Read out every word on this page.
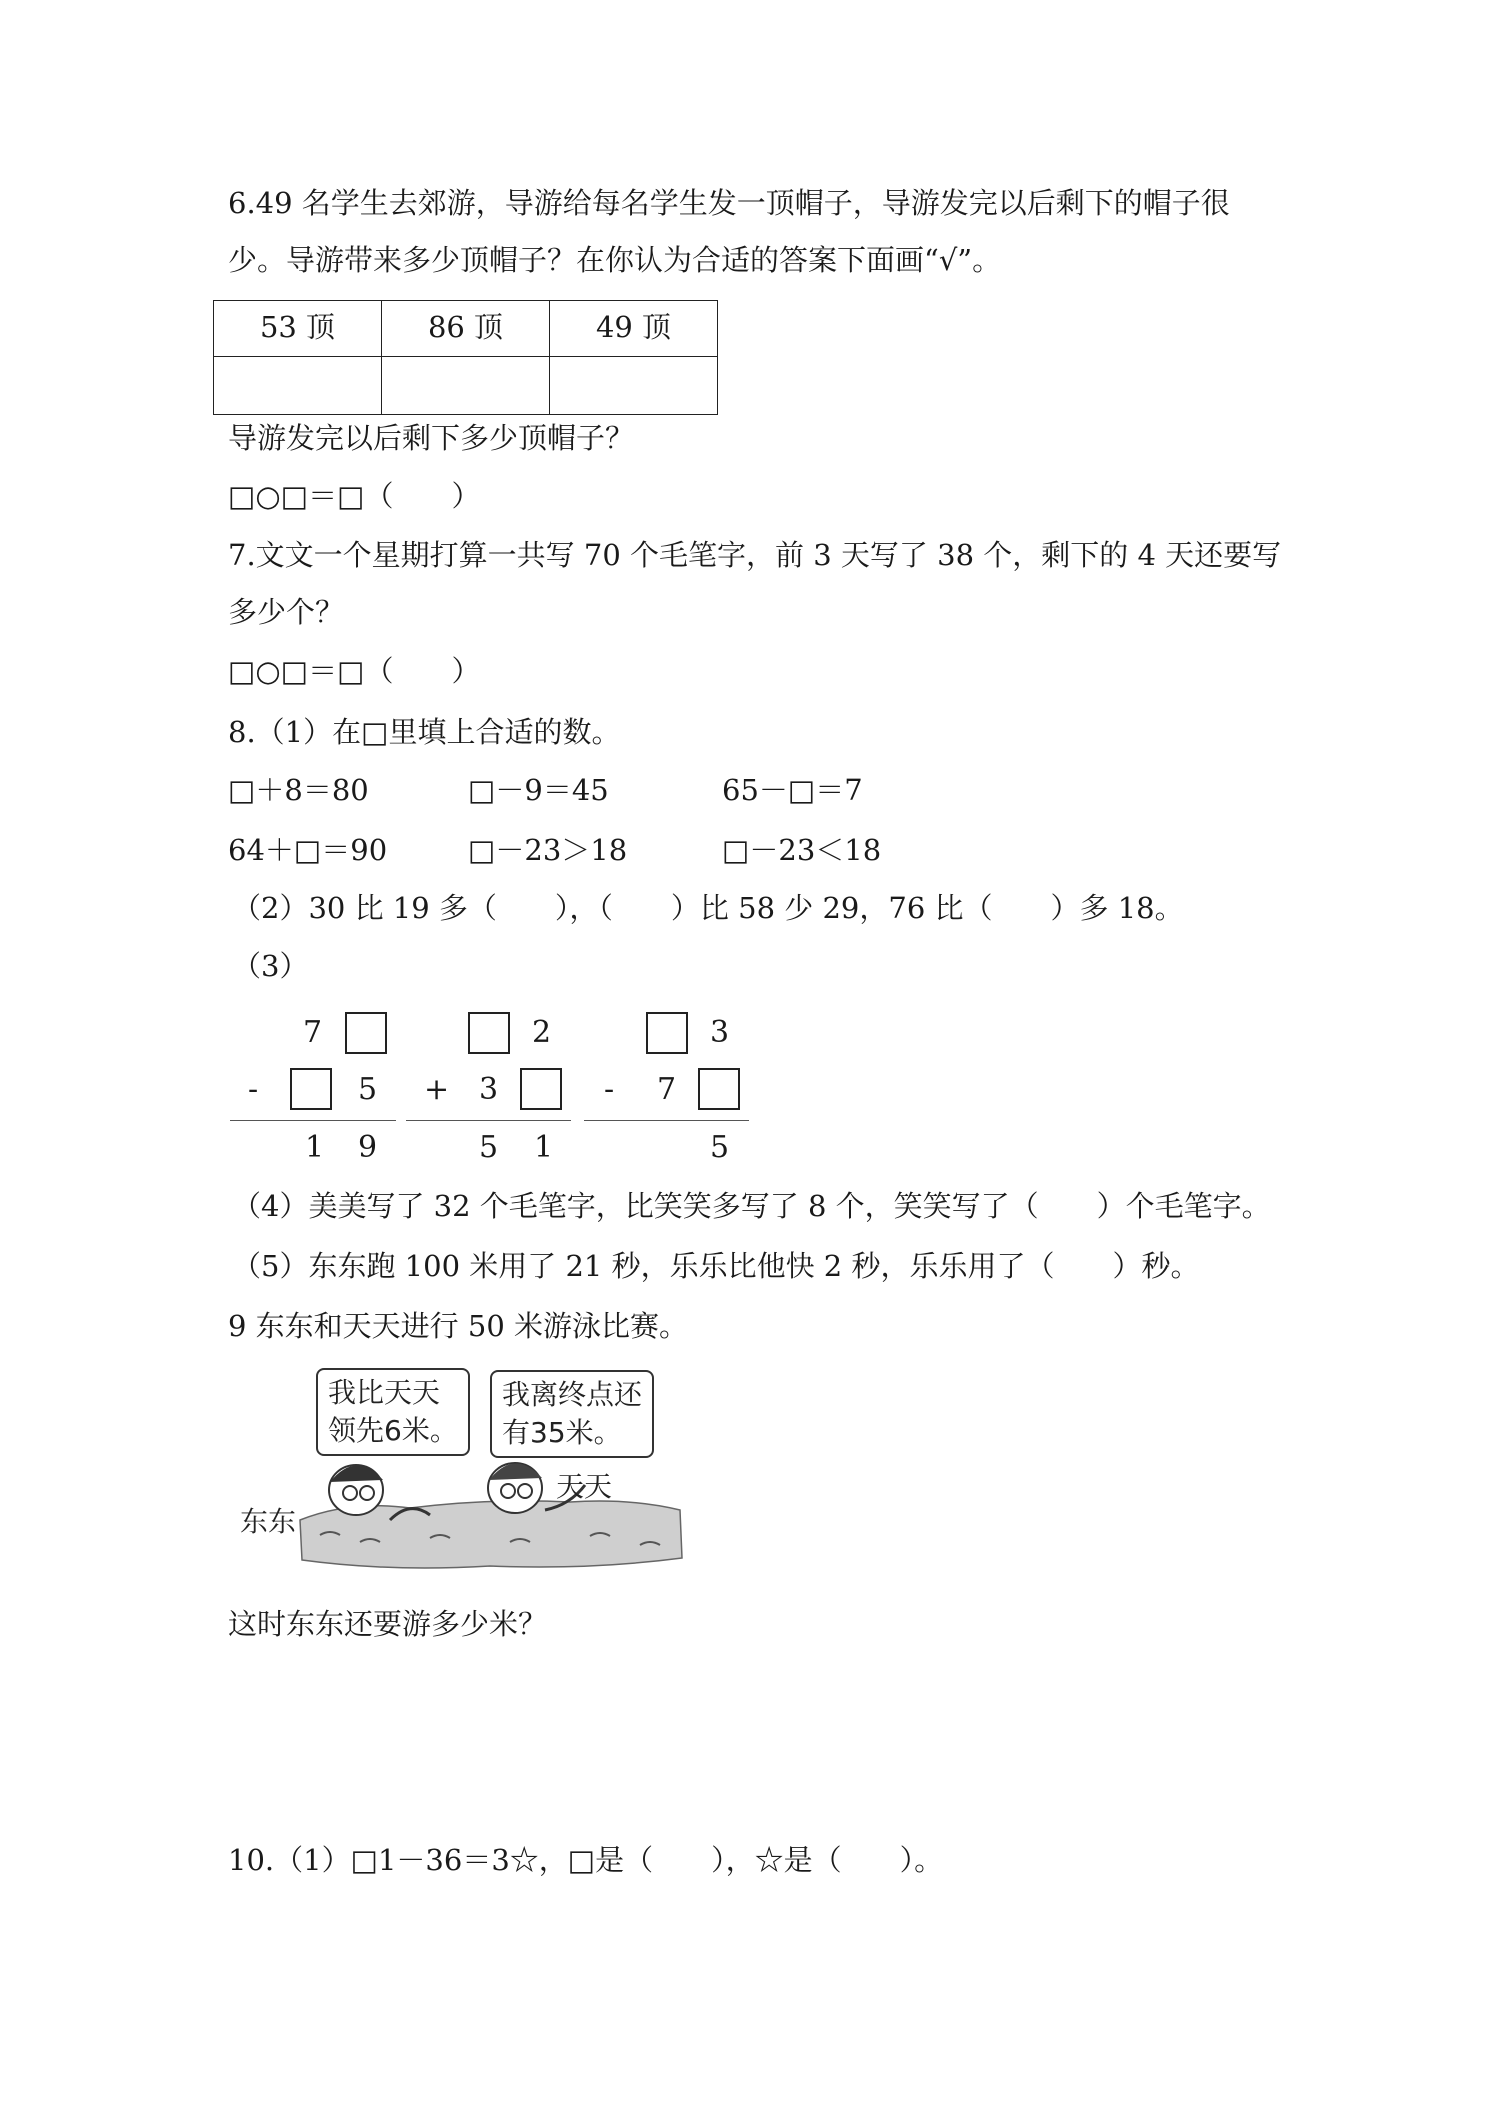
6.49 名学生去郊游，导游给每名学生发一顶帽子，导游发完以后剩下的帽子很
少。导游带来多少顶帽子？在你认为合适的答案下面画“√”。
53 顶	86 顶	49 顶

导游发完以后剩下多少顶帽子？
□○□＝□（　　）
7.文文一个星期打算一共写 70 个毛笔字，前 3 天写了 38 个，剩下的 4 天还要写
多少个？
□○□＝□（　　）
8.（1）在□里填上合适的数。
□＋8＝80	□－9＝45	65－□＝7
64＋□＝90	□－23＞18	□－23＜18
（2）30 比 19 多（　　），（　　）比 58 少 29，76 比（　　）多 18。
（3）
7
-	5
1 9
2
+ 3
5 1
3
- 7
5
（4）美美写了 32 个毛笔字，比笑笑多写了 8 个，笑笑写了（　　）个毛笔字。
（5）东东跑 100 米用了 21 秒，乐乐比他快 2 秒，乐乐用了（　　）秒。
9 东东和天天进行 50 米游泳比赛。
我比天天
领先6米。
我离终点还
有35米。
东东
天天
这时东东还要游多少米？
10.（1）□1－36＝3☆，□是（　　），☆是（　　）。
